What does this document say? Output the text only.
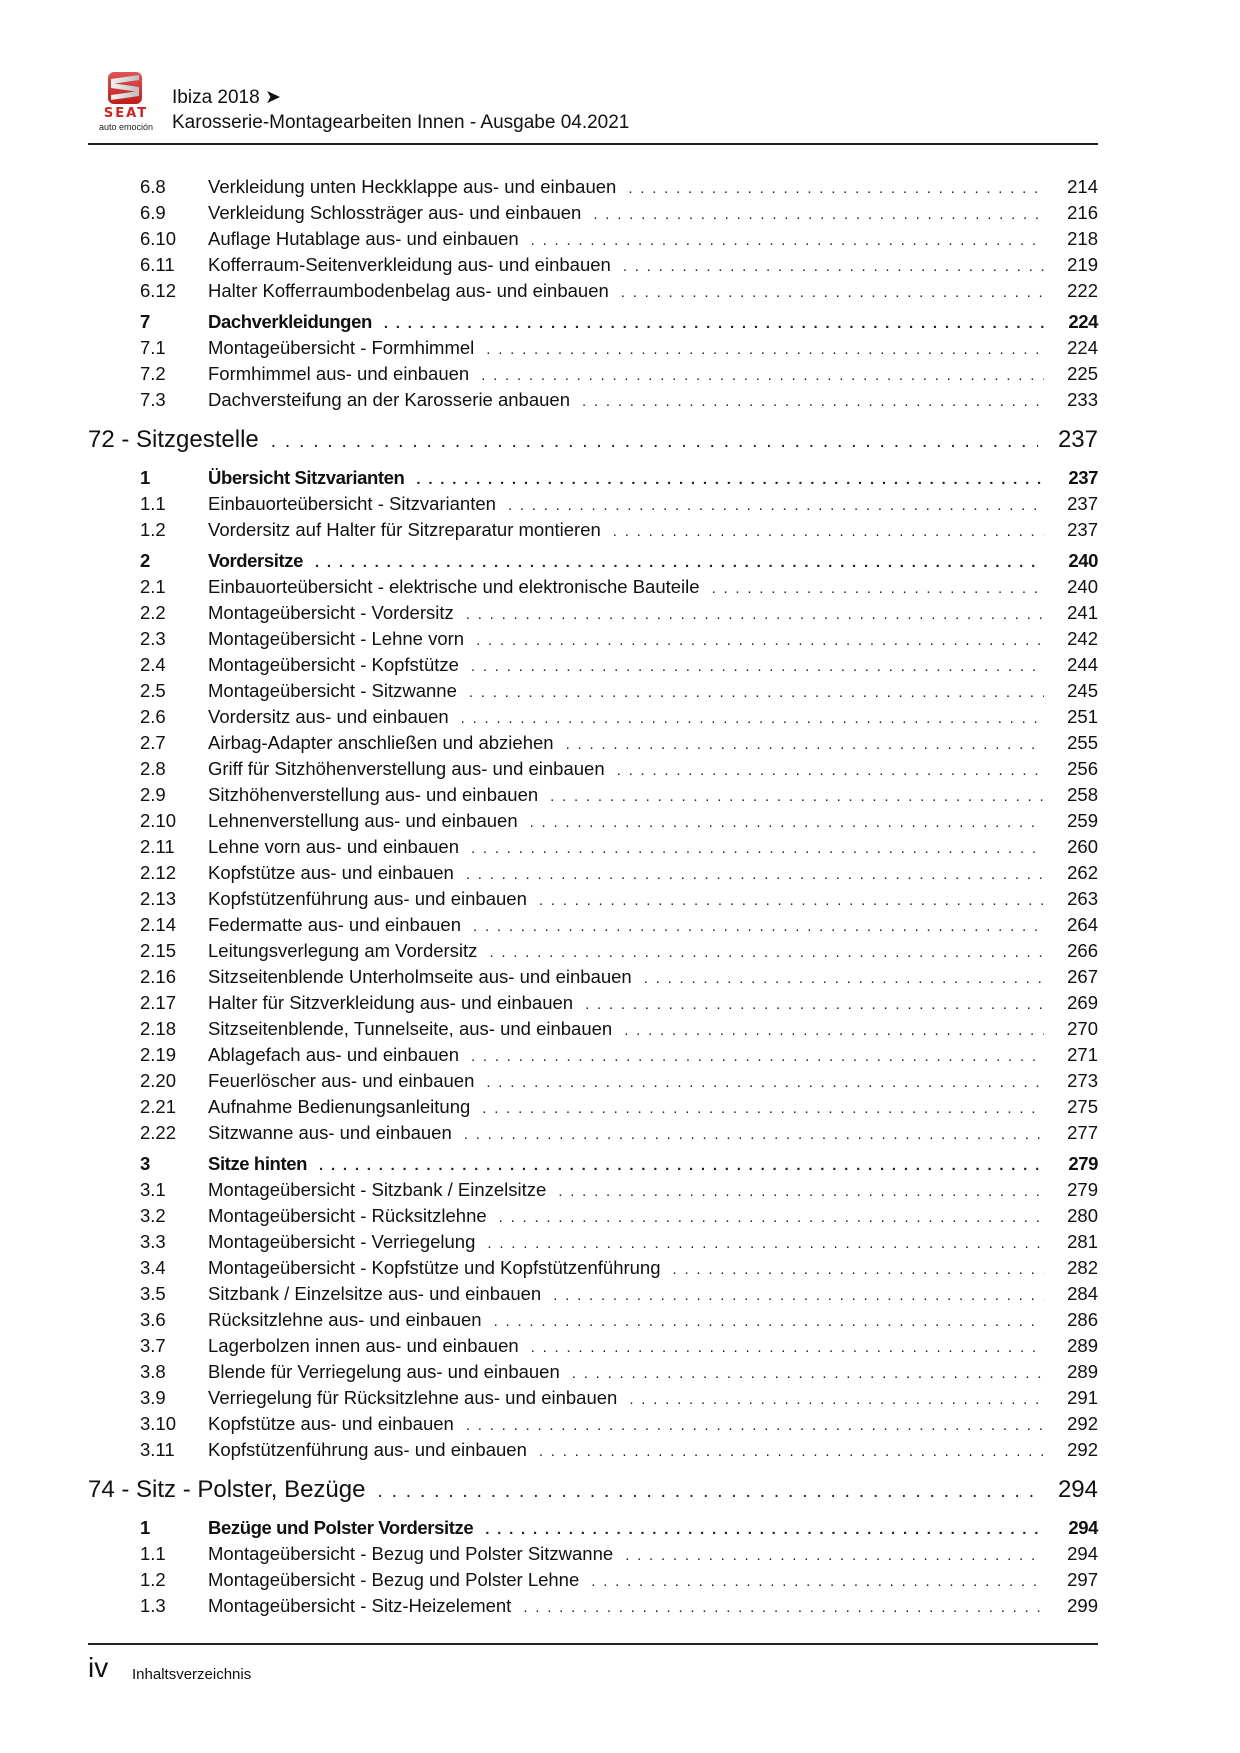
SEAT
auto emoción
Ibiza 2018 ➤
Karosserie-Montagearbeiten Innen - Ausgabe 04.2021
6.8	Verkleidung unten Heckklappe aus- und einbauen . . .	214
6.9	Verkleidung Schlossträger aus- und einbauen . . .	216
6.10	Auflage Hutablage aus- und einbauen . . .	218
6.11	Kofferraum-Seitenverkleidung aus- und einbauen . . .	219
6.12	Halter Kofferraumbodenbelag aus- und einbauen . . .	222
7	Dachverkleidungen . . .	224
7.1	Montageübersicht - Formhimmel . . .	224
7.2	Formhimmel aus- und einbauen . . .	225
7.3	Dachversteifung an der Karosserie anbauen . . .	233
72 - Sitzgestelle . . .	237
1	Übersicht Sitzvarianten . . .	237
1.1	Einbauorteübersicht - Sitzvarianten . . .	237
1.2	Vordersitz auf Halter für Sitzreparatur montieren . . .	237
2	Vordersitze . . .	240
2.1	Einbauorteübersicht - elektrische und elektronische Bauteile . . .	240
2.2	Montageübersicht - Vordersitz . . .	241
2.3	Montageübersicht - Lehne vorn . . .	242
2.4	Montageübersicht - Kopfstütze . . .	244
2.5	Montageübersicht - Sitzwanne . . .	245
2.6	Vordersitz aus- und einbauen . . .	251
2.7	Airbag-Adapter anschließen und abziehen . . .	255
2.8	Griff für Sitzhöhenverstellung aus- und einbauen . . .	256
2.9	Sitzhöhenverstellung aus- und einbauen . . .	258
2.10	Lehnenverstellung aus- und einbauen . . .	259
2.11	Lehne vorn aus- und einbauen . . .	260
2.12	Kopfstütze aus- und einbauen . . .	262
2.13	Kopfstützenführung aus- und einbauen . . .	263
2.14	Federmatte aus- und einbauen . . .	264
2.15	Leitungsverlegung am Vordersitz . . .	266
2.16	Sitzseitenblende Unterholmseite aus- und einbauen . . .	267
2.17	Halter für Sitzverkleidung aus- und einbauen . . .	269
2.18	Sitzseitenblende, Tunnelseite, aus- und einbauen . . .	270
2.19	Ablagefach aus- und einbauen . . .	271
2.20	Feuerlöscher aus- und einbauen . . .	273
2.21	Aufnahme Bedienungsanleitung . . .	275
2.22	Sitzwanne aus- und einbauen . . .	277
3	Sitze hinten . . .	279
3.1	Montageübersicht - Sitzbank / Einzelsitze . . .	279
3.2	Montageübersicht - Rücksitzlehne . . .	280
3.3	Montageübersicht - Verriegelung . . .	281
3.4	Montageübersicht - Kopfstütze und Kopfstützenführung . . .	282
3.5	Sitzbank / Einzelsitze aus- und einbauen . . .	284
3.6	Rücksitzlehne aus- und einbauen . . .	286
3.7	Lagerbolzen innen aus- und einbauen . . .	289
3.8	Blende für Verriegelung aus- und einbauen . . .	289
3.9	Verriegelung für Rücksitzlehne aus- und einbauen . . .	291
3.10	Kopfstütze aus- und einbauen . . .	292
3.11	Kopfstützenführung aus- und einbauen . . .	292
74 - Sitz - Polster, Bezüge . . .	294
1	Bezüge und Polster Vordersitze . . .	294
1.1	Montageübersicht - Bezug und Polster Sitzwanne . . .	294
1.2	Montageübersicht - Bezug und Polster Lehne . . .	297
1.3	Montageübersicht - Sitz-Heizelement . . .	299
iv Inhaltsverzeichnis
